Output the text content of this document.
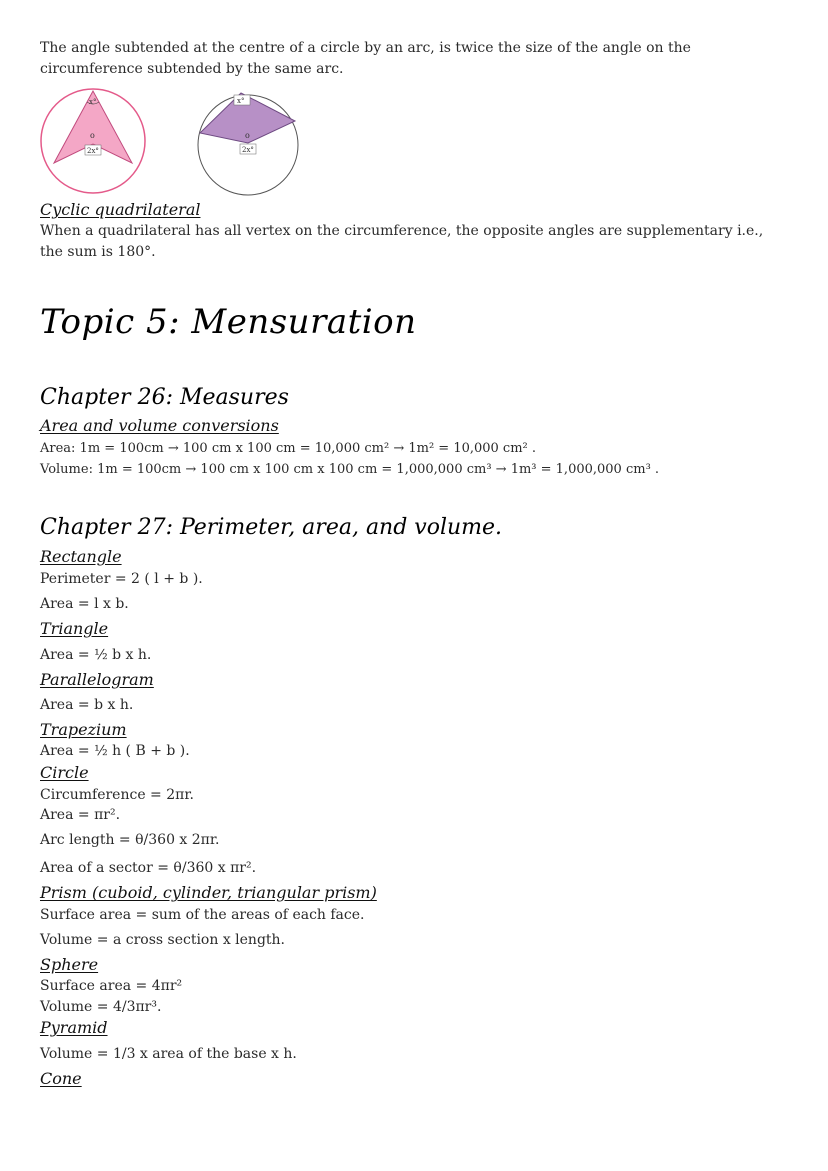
The angle subtended at the centre of a circle by an arc, is twice the size of the angle on the circumference subtended by the same arc.
x°
o
2x°
x°
o
2x°
Cyclic quadrilateral
When a quadrilateral has all vertex on the circumference, the opposite angles are supplementary i.e., the sum is 180°.
Topic 5: Mensuration
Chapter 26: Measures
Area and volume conversions
Area: 1m = 100cm → 100 cm x 100 cm = 10,000 cm² → 1m² = 10,000 cm² .
Volume: 1m = 100cm → 100 cm x 100 cm x 100 cm = 1,000,000 cm³ → 1m³ = 1,000,000 cm³ .
Chapter 27: Perimeter, area, and volume.
Rectangle
Perimeter = 2 ( l + b ).
Area = l x b.
Triangle
Area = ½ b x h.
Parallelogram
Area = b x h.
Trapezium
Area = ½ h ( B + b ).
Circle
Circumference = 2πr.
Area = πr².
Arc length = θ/360 x 2πr.
Area of a sector = θ/360 x πr².
Prism (cuboid, cylinder, triangular prism)
Surface area = sum of the areas of each face.
Volume = a cross section x length.
Sphere
Surface area = 4πr²
Volume = 4/3πr³.
Pyramid
Volume = 1/3 x area of the base x h.
Cone
